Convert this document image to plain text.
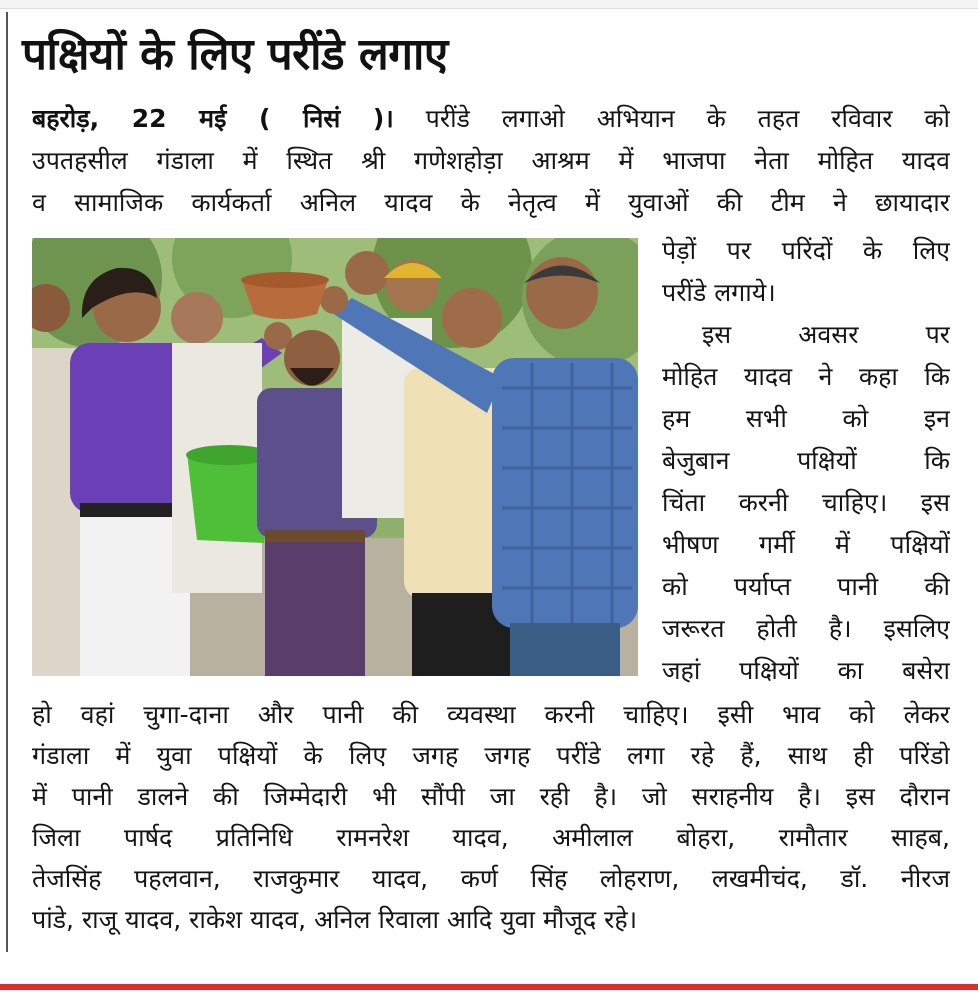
पक्षियों के लिए परींडे लगाए
बहरोड़, 22 मई ( निसं )। परींडे लगाओ अभियान के तहत रविवार को
उपतहसील गंडाला में स्थित श्री गणेशहोड़ा आश्रम में भाजपा नेता मोहित यादव
व सामाजिक कार्यकर्ता अनिल यादव के नेतृत्व में युवाओं की टीम ने छायादार
पेड़ों पर परिंदों के लिए
परींडे लगाये।
इस अवसर पर
मोहित यादव ने कहा कि
हम सभी को इन
बेजुबान पक्षियों कि
चिंता करनी चाहिए। इस
भीषण गर्मी में पक्षियों
को पर्याप्त पानी की
जरूरत होती है। इसलिए
जहां पक्षियों का बसेरा
हो वहां चुगा-दाना और पानी की व्यवस्था करनी चाहिए। इसी भाव को लेकर
गंडाला में युवा पक्षियों के लिए जगह जगह परींडे लगा रहे हैं, साथ ही परिंडो
में पानी डालने की जिम्मेदारी भी सौंपी जा रही है। जो सराहनीय है। इस दौरान
जिला पार्षद प्रतिनिधि रामनरेश यादव, अमीलाल बोहरा, रामौतार साहब,
तेजसिंह पहलवान, राजकुमार यादव, कर्ण सिंह लोहराण, लखमीचंद, डॉ. नीरज
पांडे, राजू यादव, राकेश यादव, अनिल रिवाला आदि युवा मौजूद रहे।
